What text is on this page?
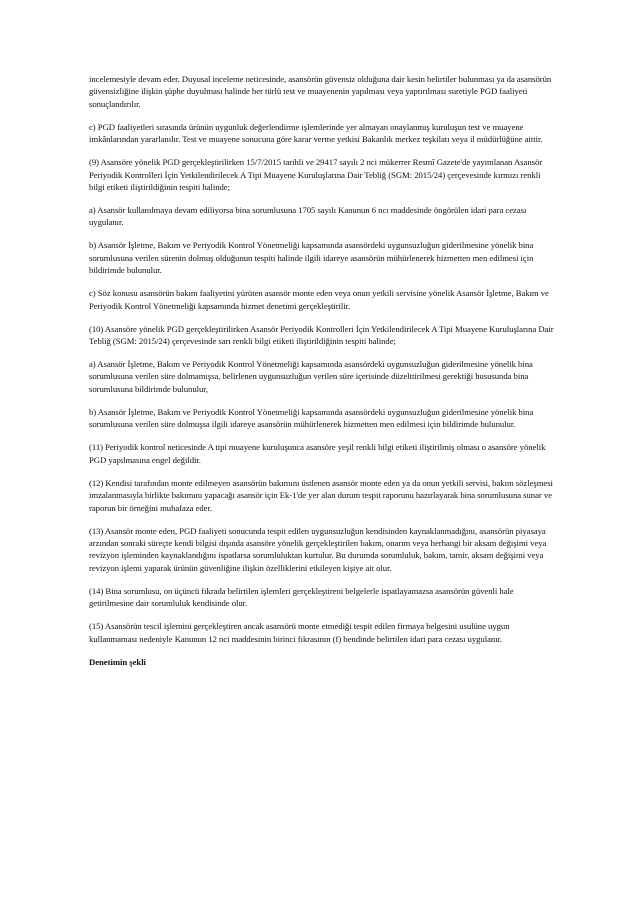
incelemesiyle devam eder. Duyusal inceleme neticesinde, asansörün güvensiz olduğuna dair kesin belirtiler bulunması ya da asansörün güvensizliğine ilişkin şüphe duyulması halinde her türlü test ve muayenenin yapılması veya yaptırılması suretiyle PGD faaliyeti sonuçlandırılır.

c) PGD faaliyetleri sırasında ürünün uygunluk değerlendirme işlemlerinde yer almayan onaylanmış kuruluşun test ve muayene imkânlarından yararlanılır. Test ve muayene sonucuna göre karar verme yetkisi Bakanlık merkez teşkilatı veya il müdürlüğüne aittir.

(9) Asansöre yönelik PGD gerçekleştirilirken 15/7/2015 tarihli ve 29417 sayılı 2 nci mükerrer Resmî Gazete'de yayımlanan Asansör Periyodik Kontrolleri İçin Yetkilendirilecek A Tipi Muayene Kuruluşlarına Dair Tebliğ (SGM: 2015/24) çerçevesinde kırmızı renkli bilgi etiketi iliştirildiğinin tespiti halinde;

a) Asansör kullanılmaya devam ediliyorsa bina sorumlusuna 1705 sayılı Kanunun 6 ncı maddesinde öngörülen idari para cezası uygulanır.

b) Asansör İşletme, Bakım ve Periyodik Kontrol Yönetmeliği kapsamında asansördeki uygunsuzluğun giderilmesine yönelik bina sorumlusuna verilen sürenin dolmuş olduğunun tespiti halinde ilgili idareye asansörün mühürlenerek hizmetten men edilmesi için bildirimde bulunulur.

c) Söz konusu asansörün bakım faaliyetini yürüten asansör monte eden veya onun yetkili servisine yönelik Asansör İşletme, Bakım ve Periyodik Kontrol Yönetmeliği kapsamında hizmet denetimi gerçekleştirilir.

(10) Asansöre yönelik PGD gerçekleştirilirken Asansör Periyodik Kontrolleri İçin Yetkilendirilecek A Tipi Muayene Kuruluşlarına Dair Tebliğ (SGM: 2015/24) çerçevesinde sarı renkli bilgi etiketi iliştirildiğinin tespiti halinde;

a) Asansör İşletme, Bakım ve Periyodik Kontrol Yönetmeliği kapsamında asansördeki uygunsuzluğun giderilmesine yönelik bina sorumlusuna verilen süre dolmamışsa, belirlenen uygunsuzluğun verilen süre içerisinde düzelttirilmesi gerektiği hususunda bina sorumlusuna bildirimde bulunulur,

b) Asansör İşletme, Bakım ve Periyodik Kontrol Yönetmeliği kapsamında asansördeki uygunsuzluğun giderilmesine yönelik bina sorumlusuna verilen süre dolmuşsa ilgili idareye asansörün mühürlenerek hizmetten men edilmesi için bildirimde bulunulur.

(11) Periyodik kontrol neticesinde A tipi muayene kuruluşunca asansöre yeşil renkli bilgi etiketi iliştirilmiş olması o asansöre yönelik PGD yapılmasına engel değildir.

(12) Kendisi tarafından monte edilmeyen asansörün bakımını üstlenen asansör monte eden ya da onun yetkili servisi, bakım sözleşmesi imzalanmasıyla birlikte bakımını yapacağı asansör için Ek-1'de yer alan durum tespit raporunu hazırlayarak bina sorumlusuna sunar ve raporun bir örneğini muhafaza eder.

(13) Asansör monte eden, PGD faaliyeti sonucunda tespit edilen uygunsuzluğun kendisinden kaynaklanmadığını, asansörün piyasaya arzından sonraki süreçte kendi bilgisi dışında asansöre yönelik gerçekleştirilen bakım, onarım veya herhangi bir aksam değişimi veya revizyon işleminden kaynaklandığını ispatlarsa sorumluluktan kurtulur. Bu durumda sorumluluk, bakım, tamir, aksam değişimi veya revizyon işlemi yaparak ürünün güvenliğine ilişkin özelliklerini etkileyen kişiye ait olur.

(14) Bina sorumlusu, on üçüncü fıkrada belirtilen işlemleri gerçekleştireni belgelerle ispatlayamazsa asansörün güvenli hale getirilmesine dair sorumluluk kendisinde olur.

(15) Asansörün tescil işlemini gerçekleştiren ancak asansörü monte etmediği tespit edilen firmaya belgesini usulüne uygun kullanmaması nedeniyle Kanunun 12 nci maddesinin birinci fıkrasının (f) bendinde belirtilen idari para cezası uygulanır.

Denetimin şekli
